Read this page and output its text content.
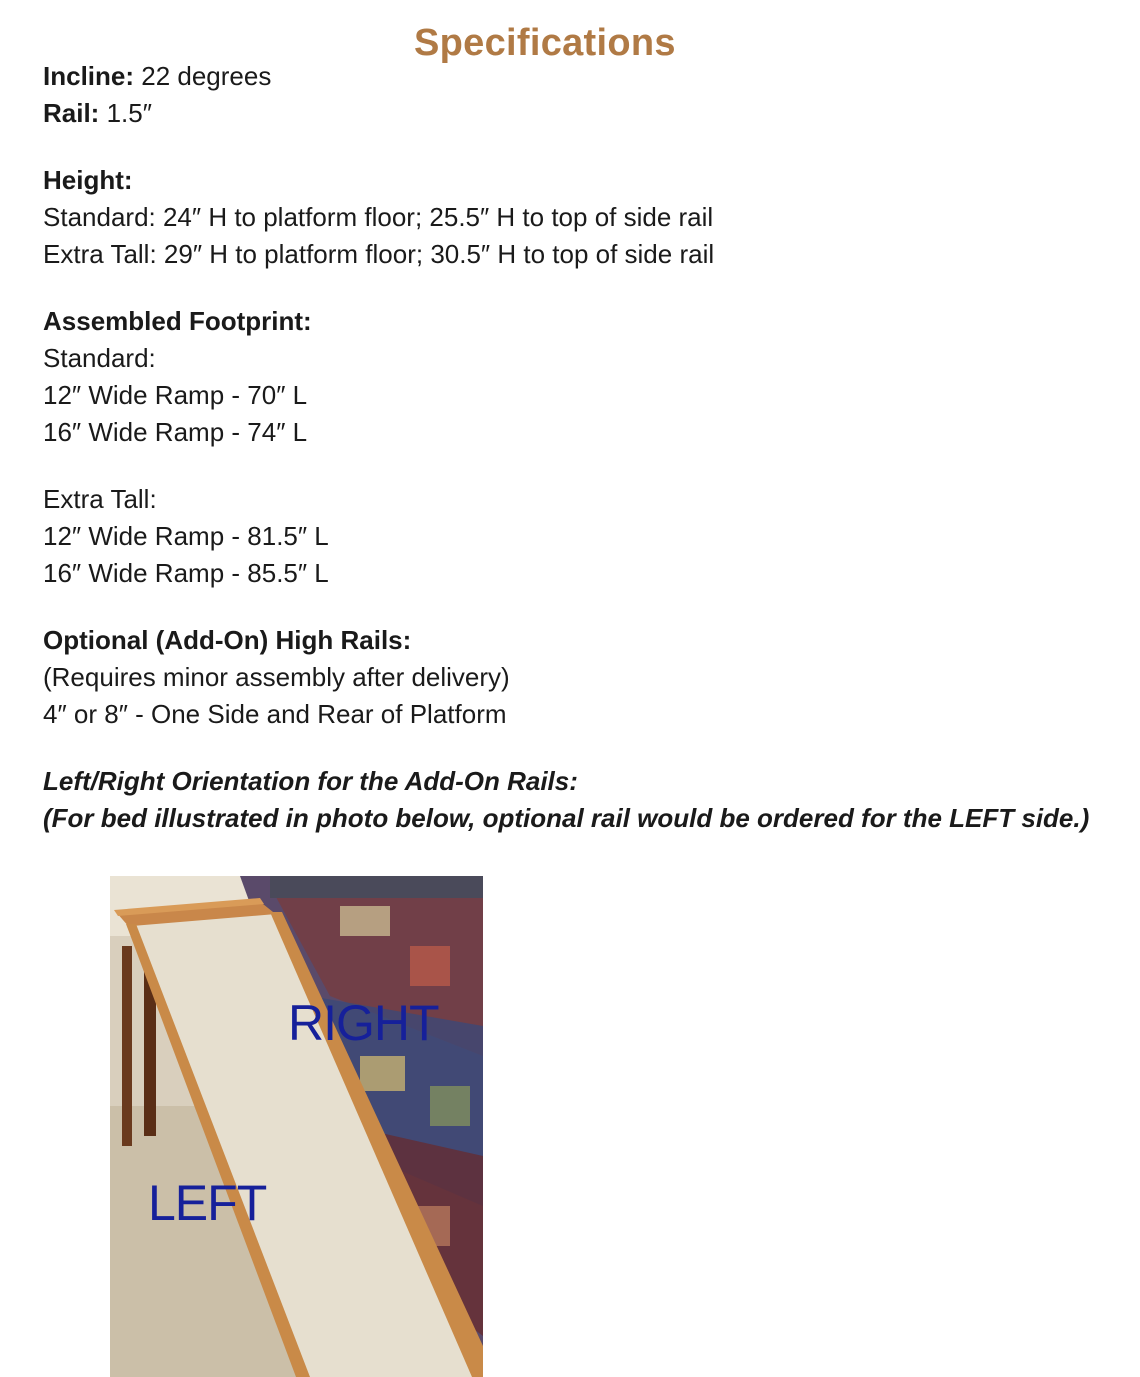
Specifications
Incline: 22 degrees
Rail: 1.5″
Height:
Standard: 24″ H to platform floor; 25.5″ H to top of side rail
Extra Tall: 29″ H to platform floor; 30.5″ H to top of side rail
Assembled Footprint:
Standard:
12″ Wide Ramp - 70″ L
16″ Wide Ramp - 74″ L
Extra Tall:
12″ Wide Ramp - 81.5″ L
16″ Wide Ramp - 85.5″ L
Optional (Add-On) High Rails:
(Requires minor assembly after delivery)
4″ or 8″ - One Side and Rear of Platform
Left/Right Orientation for the Add-On Rails:
(For bed illustrated in photo below, optional rail would be ordered for the LEFT side.)
RIGHT
LEFT
